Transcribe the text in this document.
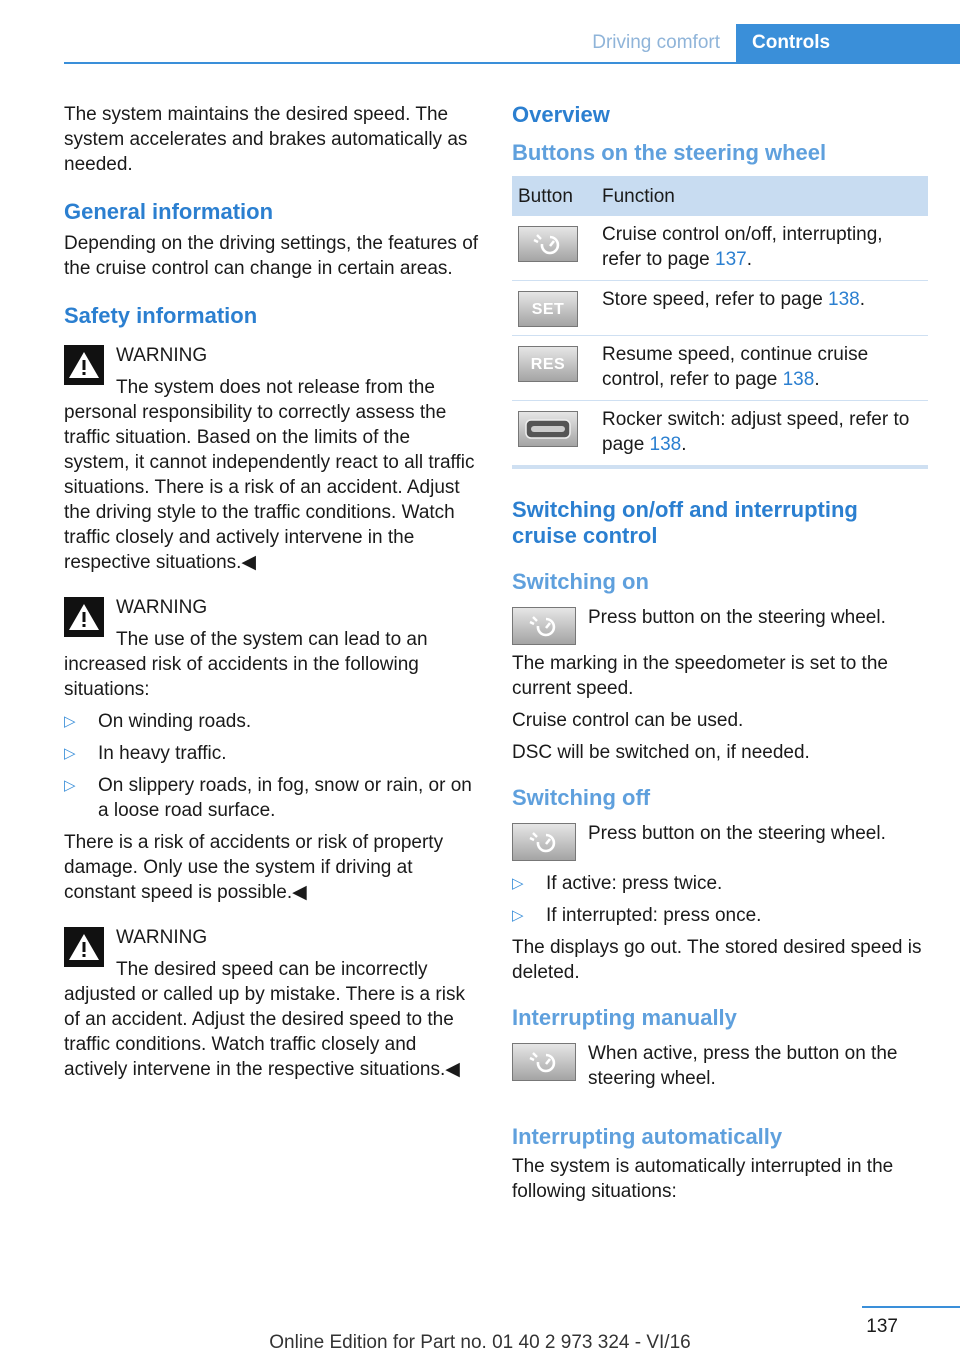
Driving comfort	Controls

The system maintains the desired speed. The system accelerates and brakes automatically as needed.

General information

Depending on the driving settings, the features of the cruise control can change in certain areas.

Safety information
WARNING

The system does not release from the personal responsibility to correctly assess the traffic situation. Based on the limits of the system, it cannot independently react to all traffic situations. There is a risk of an accident. Adjust the driving style to the traffic conditions. Watch traffic closely and actively intervene in the respective situations.◀

WARNING

The use of the system can lead to an increased risk of accidents in the following situations:

▷ On winding roads.
▷ In heavy traffic.
▷ On slippery roads, in fog, snow or rain, or on a loose road surface.

There is a risk of accidents or risk of property damage. Only use the system if driving at constant speed is possible.◀

WARNING

The desired speed can be incorrectly adjusted or called up by mistake. There is a risk of an accident. Adjust the desired speed to the traffic conditions. Watch traffic closely and actively intervene in the respective situations.◀

Overview
Buttons on the steering wheel
Button	Function

	Cruise control on/off, interrupting, refer to page 137.

SET	Store speed, refer to page 138.

RES	Resume speed, continue cruise control, refer to page 138.

	Rocker switch: adjust speed, refer to page 138.
Switching on/off and interrupting cruise control
Switching on

Press button on the steering wheel.

The marking in the speedometer is set to the current speed.

Cruise control can be used.

DSC will be switched on, if needed.

Switching off

Press button on the steering wheel.

▷ If active: press twice.
▷ If interrupted: press once.

The displays go out. The stored desired speed is deleted.

Interrupting manually

When active, press the button on the steering wheel.

Interrupting automatically

The system is automatically interrupted in the following situations:

137
Online Edition for Part no. 01 40 2 973 324 - VI/16
